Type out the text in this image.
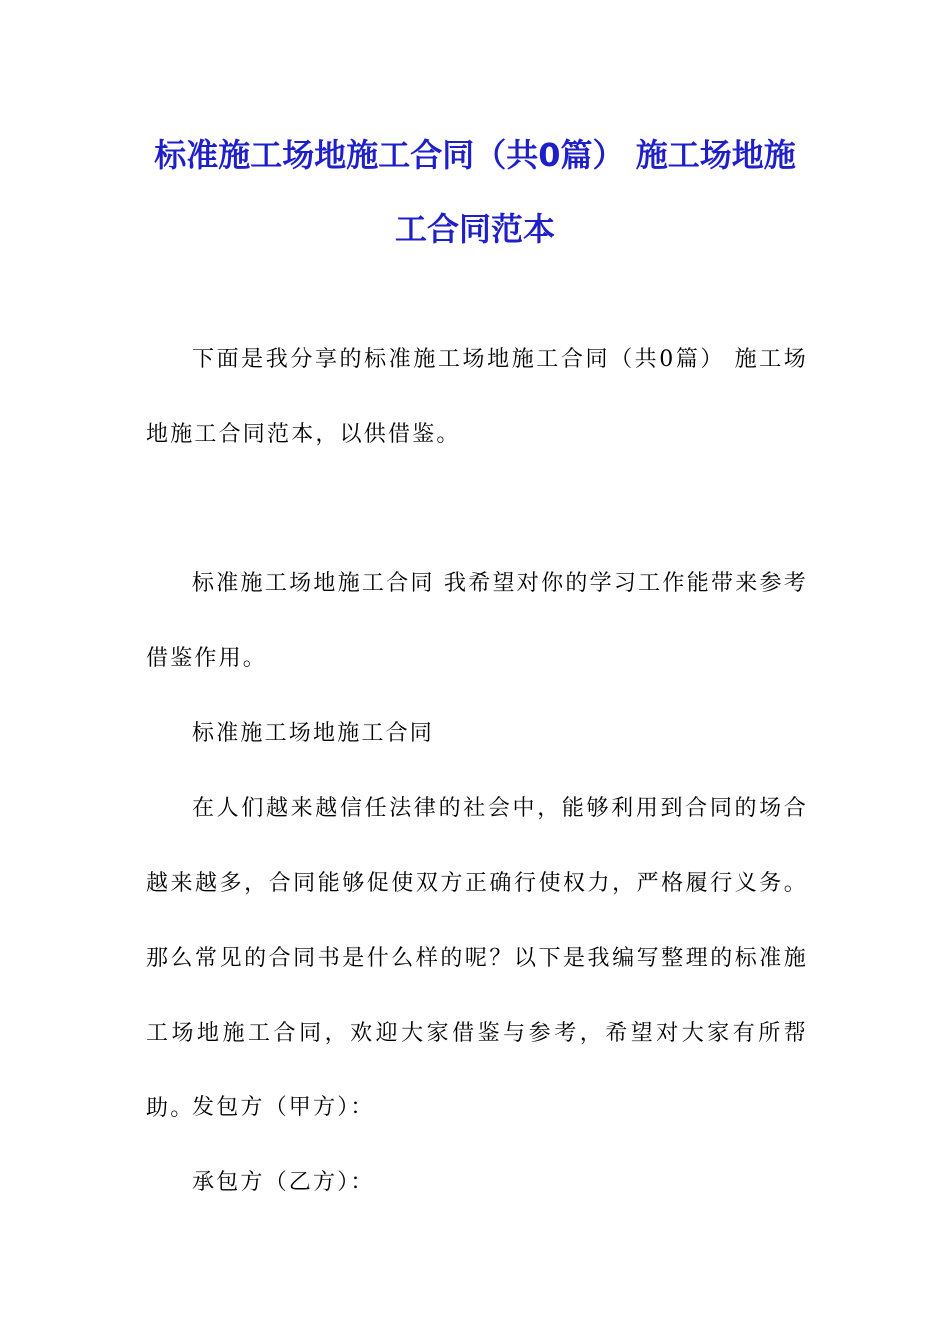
标准施工场地施工合同（共0篇） 施工场地施工合同范本

下面是我分享的标准施工场地施工合同（共0篇） 施工场地施工合同范本，以供借鉴。

标准施工场地施工合同 我希望对你的学习工作能带来参考借鉴作用。

标准施工场地施工合同

在人们越来越信任法律的社会中，能够利用到合同的场合越来越多，合同能够促使双方正确行使权力，严格履行义务。那么常见的合同书是什么样的呢？以下是我编写整理的标准施工场地施工合同，欢迎大家借鉴与参考，希望对大家有所帮助。

发包方（甲方）：

承包方（乙方）：
